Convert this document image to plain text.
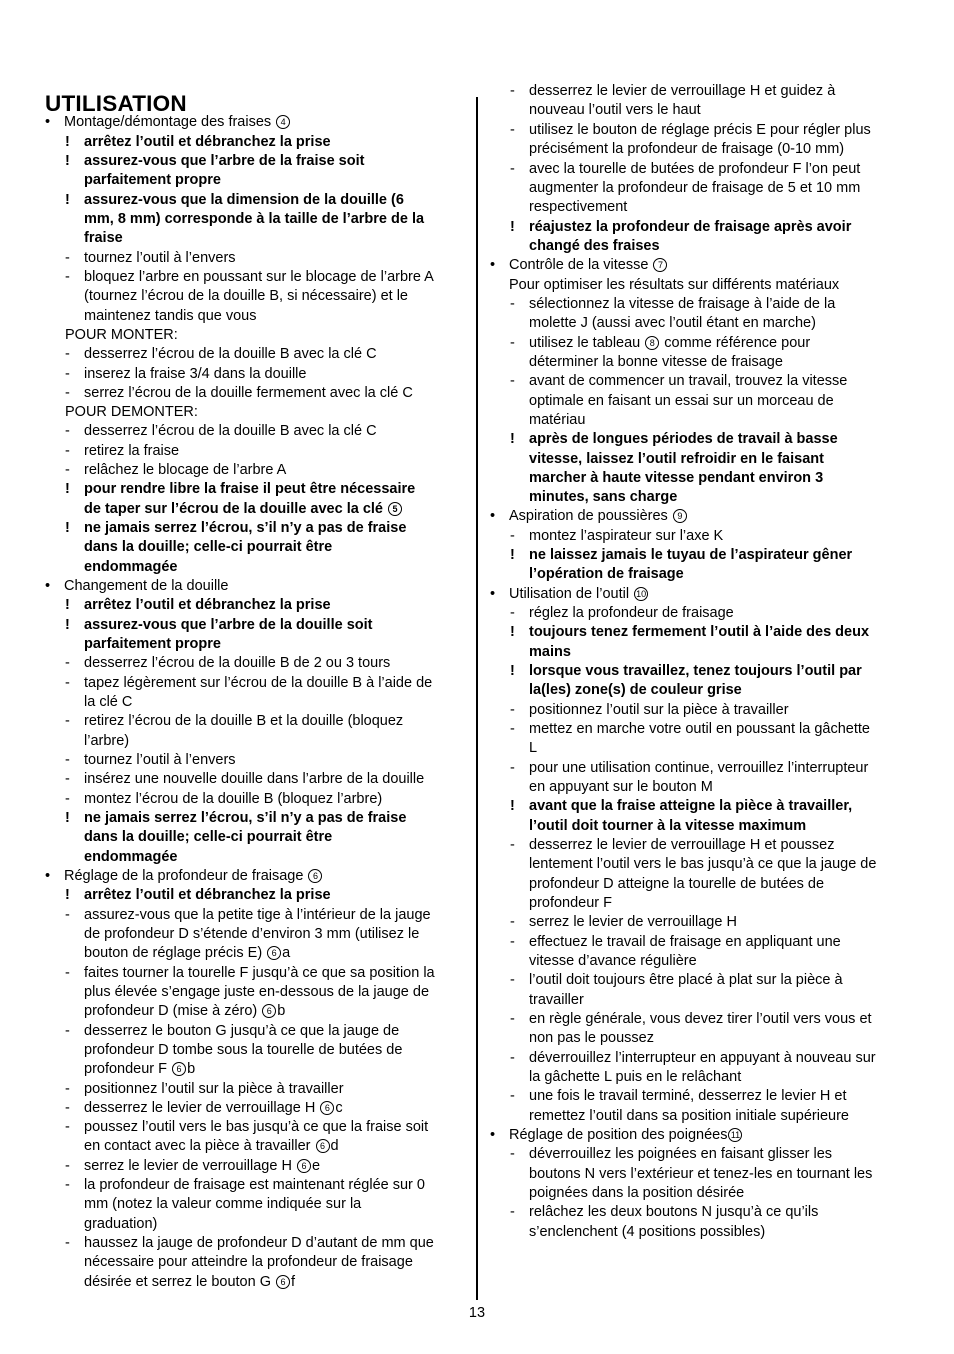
UTILISATION
• Montage/démontage des fraises 4
! arrêtez l’outil et débranchez la prise
! assurez-vous que l’arbre de la fraise soit
parfaitement propre
! assurez-vous que la dimension de la douille (6
mm, 8 mm) corresponde à la taille de l’arbre de la
fraise
- tournez l’outil à l’envers
- bloquez l’arbre en poussant sur le blocage de l’arbre A
(tournez l’écrou de la douille B, si nécessaire) et le
maintenez tandis que vous
POUR MONTER:
- desserrez l’écrou de la douille B avec la clé C
- inserez la fraise 3/4 dans la douille
- serrez l’écrou de la douille fermement avec la clé C
POUR DEMONTER:
- desserrez l’écrou de la douille B avec la clé C
- retirez la fraise
- relâchez le blocage de l’arbre A
! pour rendre libre la fraise il peut être nécessaire
de taper sur l’écrou de la douille avec la clé 5
! ne jamais serrez l’écrou, s’il n’y a pas de fraise
dans la douille; celle-ci pourrait être
endommagée
• Changement de la douille
! arrêtez l’outil et débranchez la prise
! assurez-vous que l’arbre de la douille soit
parfaitement propre
- desserrez l’écrou de la douille B de 2 ou 3 tours
- tapez légèrement sur l’écrou de la douille B à l’aide de
la clé C
- retirez l’écrou de la douille B et la douille (bloquez
l’arbre)
- tournez l’outil à l’envers
- insérez une nouvelle douille dans l’arbre de la douille
- montez l’écrou de la douille B (bloquez l’arbre)
! ne jamais serrez l’écrou, s’il n’y a pas de fraise
dans la douille; celle-ci pourrait être
endommagée
• Réglage de la profondeur de fraisage 6
! arrêtez l’outil et débranchez la prise
- assurez-vous que la petite tige à l’intérieur de la jauge
de profondeur D s’étende d’environ 3 mm (utilisez le
bouton de réglage précis E) 6 a
- faites tourner la tourelle F jusqu’à ce que sa position la
plus élevée s’engage juste en-dessous de la jauge de
profondeur D (mise à zéro) 6 b
- desserrez le bouton G jusqu’à ce que la jauge de
profondeur D tombe sous la tourelle de butées de
profondeur F 6 b
- positionnez l’outil sur la pièce à travailler
- desserrez le levier de verrouillage H 6 c
- poussez l’outil vers le bas jusqu’à ce que la fraise soit
en contact avec la pièce à travailler 6 d
- serrez le levier de verrouillage H 6 e
- la profondeur de fraisage est maintenant réglée sur 0
mm (notez la valeur comme indiquée sur la
graduation)
- haussez la jauge de profondeur D d’autant de mm que
nécessaire pour atteindre la profondeur de fraisage
désirée et serrez le bouton G 6 f
- desserrez le levier de verrouillage H et guidez à
nouveau l’outil vers le haut
- utilisez le bouton de réglage précis E pour régler plus
précisément la profondeur de fraisage (0-10 mm)
- avec la tourelle de butées de profondeur F l’on peut
augmenter la profondeur de fraisage de 5 et 10 mm
respectivement
! réajustez la profondeur de fraisage après avoir
changé des fraises
• Contrôle de la vitesse 7
Pour optimiser les résultats sur différents matériaux
- sélectionnez la vitesse de fraisage à l’aide de la
molette J (aussi avec l’outil étant en marche)
- utilisez le tableau 8 comme référence pour
déterminer la bonne vitesse de fraisage
- avant de commencer un travail, trouvez la vitesse
optimale en faisant un essai sur un morceau de
matériau
! après de longues périodes de travail à basse
vitesse, laissez l’outil refroidir en le faisant
marcher à haute vitesse pendant environ 3
minutes, sans charge
• Aspiration de poussières 9
- montez l’aspirateur sur l’axe K
! ne laissez jamais le tuyau de l’aspirateur gêner
l’opération de fraisage
• Utilisation de l’outil 10
- réglez la profondeur de fraisage
! toujours tenez fermement l’outil à l’aide des deux
mains
! lorsque vous travaillez, tenez toujours l’outil par
la(les) zone(s) de couleur grise
- positionnez l’outil sur la pièce à travailler
- mettez en marche votre outil en poussant la gâchette
L
- pour une utilisation continue, verrouillez l’interrupteur
en appuyant sur le bouton M
! avant que la fraise atteigne la pièce à travailler,
l’outil doit tourner à la vitesse maximum
- desserrez le levier de verrouillage H et poussez
lentement l’outil vers le bas jusqu’à ce que la jauge de
profondeur D atteigne la tourelle de butées de
profondeur F
- serrez le levier de verrouillage H
- effectuez le travail de fraisage en appliquant une
vitesse d’avance régulière
- l’outil doit toujours être placé à plat sur la pièce à
travailler
- en règle générale, vous devez tirer l’outil vers vous et
non pas le poussez
- déverrouillez l’interrupteur en appuyant à nouveau sur
la gâchette L puis en le relâchant
- une fois le travail terminé, desserrez le levier H et
remettez l’outil dans sa position initiale supérieure
• Réglage de position des poignées 11
- déverrouillez les poignées en faisant glisser les
boutons N vers l’extérieur et tenez-les en tournant les
poignées dans la position désirée
- relâchez les deux boutons N jusqu’à ce qu’ils
s’enclenchent (4 positions possibles)
13
